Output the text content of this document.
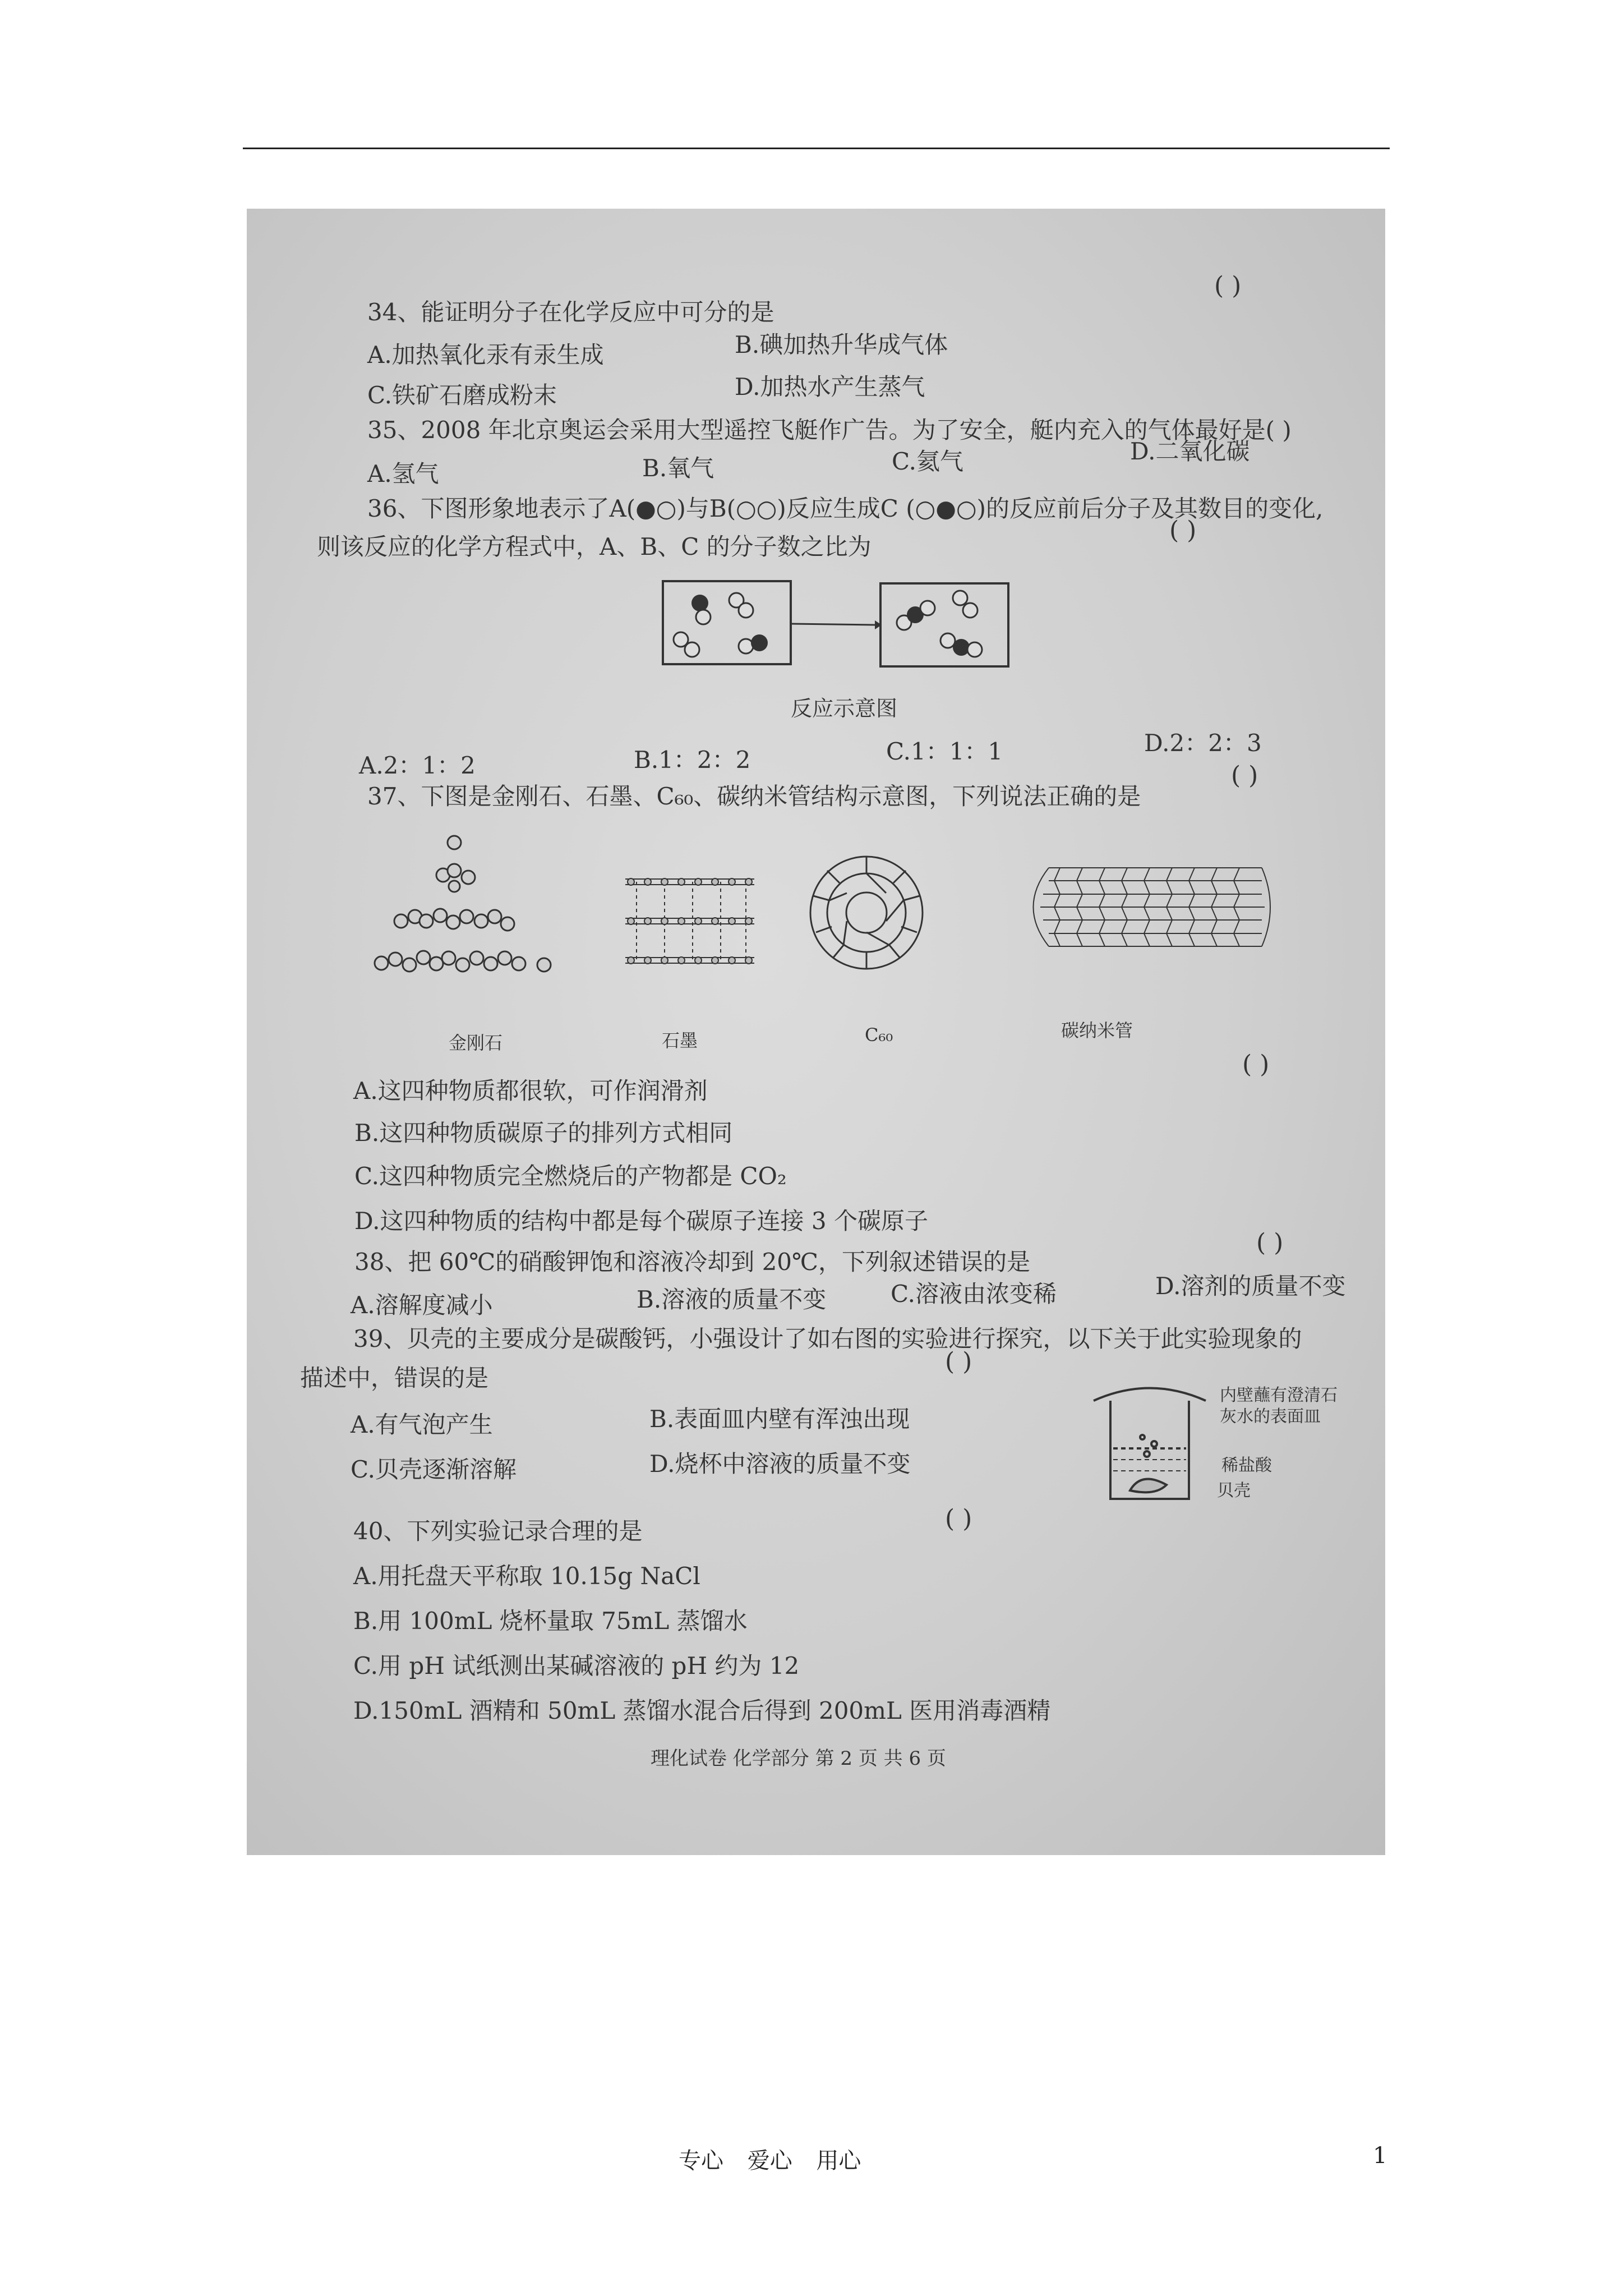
34、能证明分子在化学反应中可分的是
( )
A.加热氧化汞有汞生成	B.碘加热升华成气体
C.铁矿石磨成粉末	D.加热水产生蒸气
35、2008 年北京奥运会采用大型遥控飞艇作广告。为了安全，艇内充入的气体最好是( )
A.氢气	B.氧气	C.氦气	D.二氧化碳
36、下图形象地表示了A(●○)与B(○○)反应生成C (○●○)的反应前后分子及其数目的变化,
则该反应的化学方程式中，A、B、C 的分子数之比为
( )
反应示意图
A.2：1：2	B.1：2：2	C.1：1：1	D.2：2：3
37、下图是金刚石、石墨、C₆₀、碳纳米管结构示意图，下列说法正确的是
( )
金刚石	石墨	C₆₀	碳纳米管
( )
A.这四种物质都很软，可作润滑剂
B.这四种物质碳原子的排列方式相同
C.这四种物质完全燃烧后的产物都是 CO₂
D.这四种物质的结构中都是每个碳原子连接 3 个碳原子
38、把 60℃的硝酸钾饱和溶液冷却到 20℃，下列叙述错误的是
( )
A.溶解度减小	B.溶液的质量不变	C.溶液由浓变稀	D.溶剂的质量不变
39、贝壳的主要成分是碳酸钙，小强设计了如右图的实验进行探究，以下关于此实验现象的
描述中，错误的是
( )
A.有气泡产生	B.表面皿内壁有浑浊出现
C.贝壳逐渐溶解	D.烧杯中溶液的质量不变
内壁蘸有澄清石
灰水的表面皿
稀盐酸
贝壳
40、下列实验记录合理的是	( )
A.用托盘天平称取 10.15g NaCl
B.用 100mL 烧杯量取 75mL 蒸馏水
C.用 pH 试纸测出某碱溶液的 pH 约为 12
D.150mL 酒精和 50mL 蒸馏水混合后得到 200mL 医用消毒酒精
理化试卷 化学部分 第 2 页 共 6 页
专心 爱心 用心	1
